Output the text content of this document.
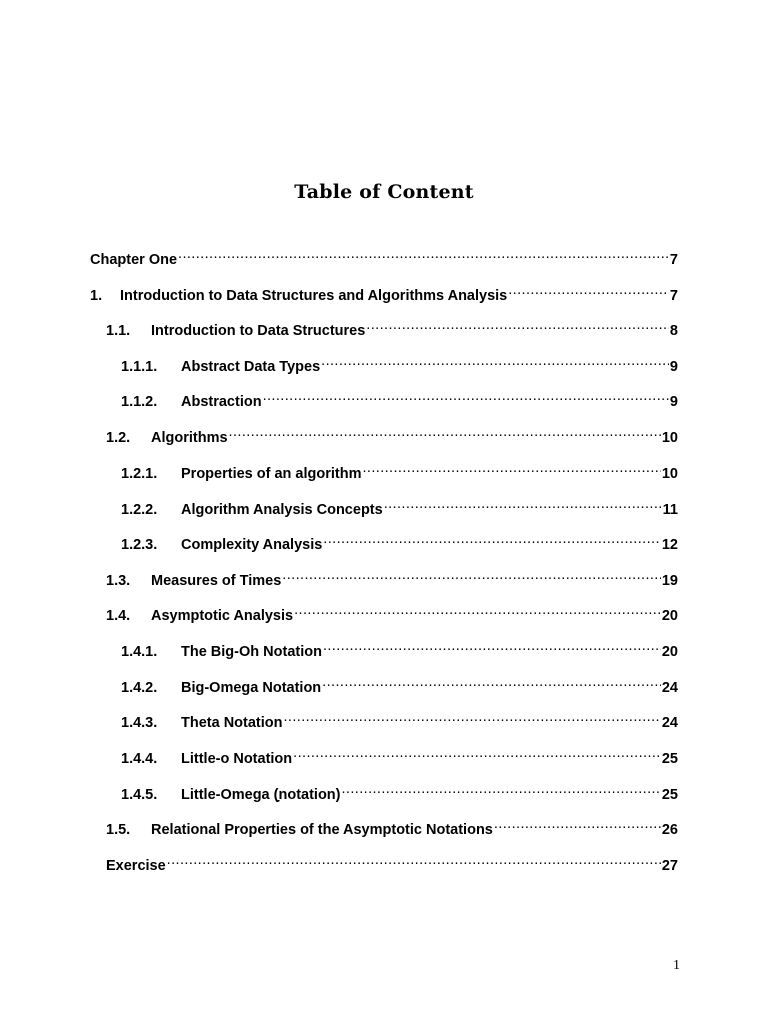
Table of Content
Chapter One .....	7
1.	Introduction to Data Structures and Algorithms Analysis .....	7
1.1.	Introduction to Data Structures .....	8
1.1.1.	Abstract Data Types .....	9
1.1.2.	Abstraction .....	9
1.2.	Algorithms .....	10
1.2.1.	Properties of an algorithm .....	10
1.2.2.	Algorithm Analysis Concepts .....	11
1.2.3.	Complexity Analysis .....	12
1.3.	Measures of Times .....	19
1.4.	Asymptotic Analysis .....	20
1.4.1.	The Big-Oh Notation .....	20
1.4.2.	Big-Omega Notation .....	24
1.4.3.	Theta Notation .....	24
1.4.4.	Little-o Notation .....	25
1.4.5.	Little-Omega (̣notation) .....	25
1.5.	Relational Properties of the Asymptotic Notations .....	26
Exercise .....	27
1
